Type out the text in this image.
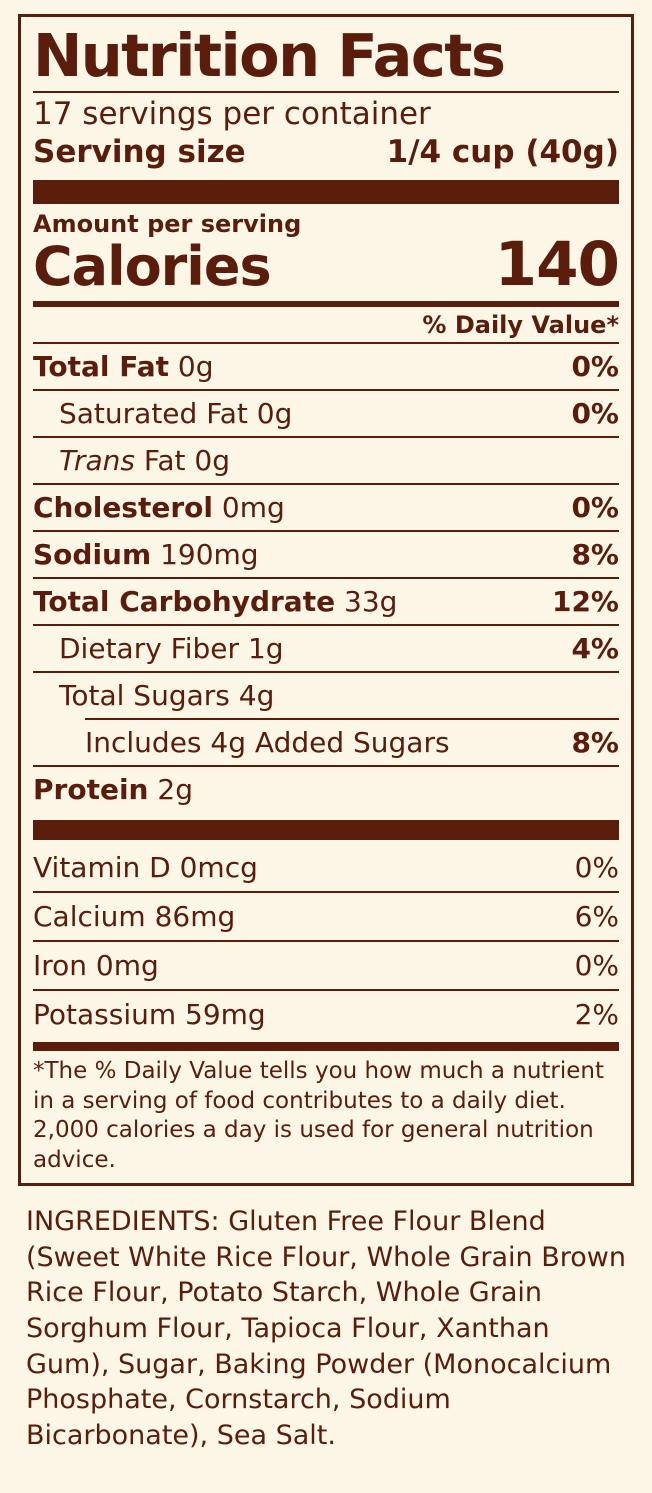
Nutrition Facts
17 servings per container
Serving size	1/4 cup (40g)
Amount per serving
Calories	140
% Daily Value*
Total Fat 0g	0%
Saturated Fat 0g	0%
Trans Fat 0g
Cholesterol 0mg	0%
Sodium 190mg	8%
Total Carbohydrate 33g	12%
Dietary Fiber 1g	4%
Total Sugars 4g
Includes 4g Added Sugars	8%
Protein 2g
Vitamin D 0mcg	0%
Calcium 86mg	6%
Iron 0mg	0%
Potassium 59mg	2%
*The % Daily Value tells you how much a nutrient in a serving of food contributes to a daily diet. 2,000 calories a day is used for general nutrition advice.
INGREDIENTS: Gluten Free Flour Blend (Sweet White Rice Flour, Whole Grain Brown Rice Flour, Potato Starch, Whole Grain Sorghum Flour, Tapioca Flour, Xanthan Gum), Sugar, Baking Powder (Monocalcium Phosphate, Cornstarch, Sodium Bicarbonate), Sea Salt.
